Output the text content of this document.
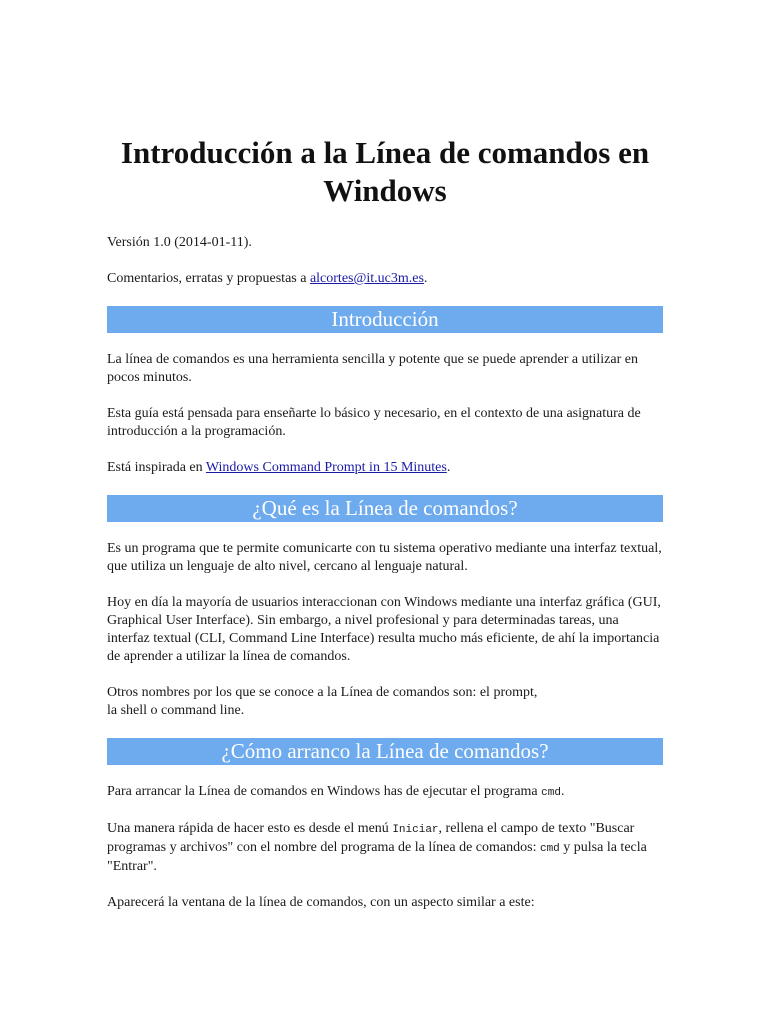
Introducción a la Línea de comandos en Windows

Versión 1.0 (2014-01-11).

Comentarios, erratas y propuestas a alcortes@it.uc3m.es.

Introducción

La línea de comandos es una herramienta sencilla y potente que se puede aprender a utilizar en pocos minutos.

Esta guía está pensada para enseñarte lo básico y necesario, en el contexto de una asignatura de introducción a la programación.

Está inspirada en Windows Command Prompt in 15 Minutes.

¿Qué es la Línea de comandos?

Es un programa que te permite comunicarte con tu sistema operativo mediante una interfaz textual, que utiliza un lenguaje de alto nivel, cercano al lenguaje natural.

Hoy en día la mayoría de usuarios interaccionan con Windows mediante una interfaz gráfica (GUI, Graphical User Interface). Sin embargo, a nivel profesional y para determinadas tareas, una interfaz textual (CLI, Command Line Interface) resulta mucho más eficiente, de ahí la importancia de aprender a utilizar la línea de comandos.

Otros nombres por los que se conoce a la Línea de comandos son: el prompt,

la shell o command line.

¿Cómo arranco la Línea de comandos?

Para arrancar la Línea de comandos en Windows has de ejecutar el programa cmd.

Una manera rápida de hacer esto es desde el menú Iniciar, rellena el campo de texto "Buscar programas y archivos" con el nombre del programa de la línea de comandos: cmd y pulsa la tecla "Entrar".

Aparecerá la ventana de la línea de comandos, con un aspecto similar a este:
